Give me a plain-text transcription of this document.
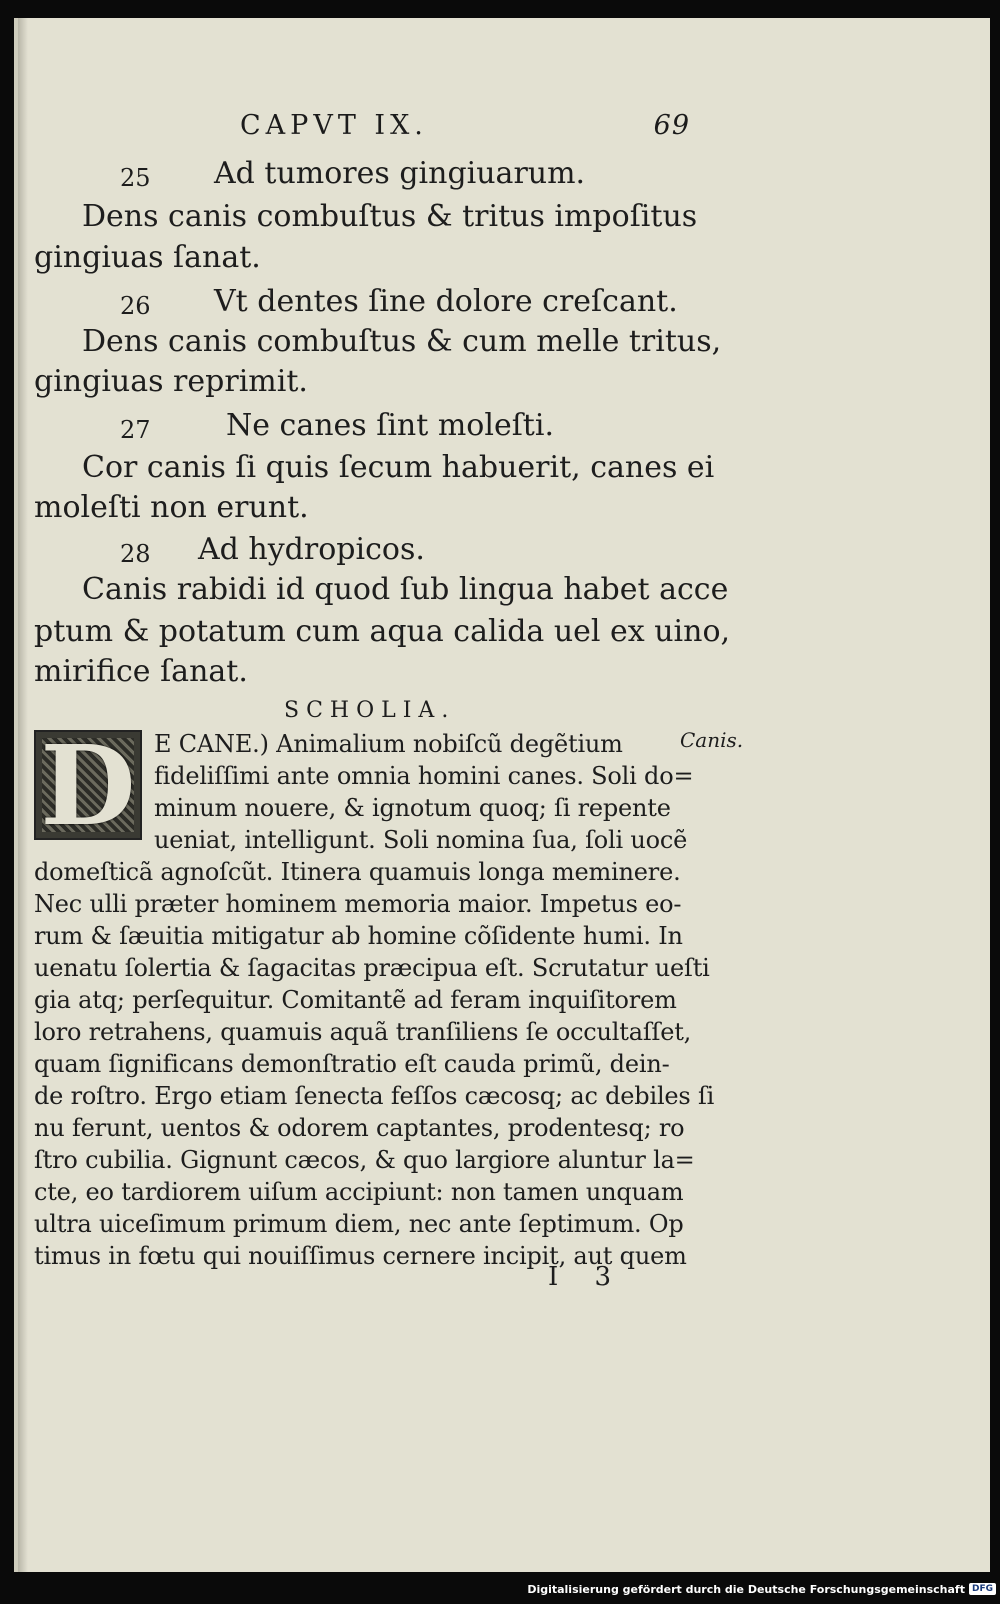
CAPVT IX.	69
25 Ad tumores gingiuarum.
Dens canis combuſtus & tritus impoſitus
gingiuas ſanat.
26 Vt dentes ſine dolore creſcant.
Dens canis combuſtus & cum melle tritus,
gingiuas reprimit.
27	Ne canes ſint moleſti.
Cor canis ſi quis ſecum habuerit, canes ei
moleſti non erunt.
28 Ad hydropicos.
Canis rabidi id quod ſub lingua habet acce
ptum & potatum cum aqua calida uel ex uino,
mirifice ſanat.
SCHOLIA.
E CANE.) Animalium nobiſcũ degẽtium
fideliſſimi ante omnia homini canes. Soli do=
minum nouere, & ignotum quoq; ſi repente
ueniat, intelligunt. Soli nomina ſua, ſoli uocẽ
domeſticã agnoſcũt. Itinera quamuis longa meminere.
Nec ulli præter hominem memoria maior. Impetus eo-
rum & ſæuitia mitigatur ab homine cõſidente humi. In
uenatu ſolertia & ſagacitas præcipua eſt. Scrutatur ueſti
gia atq; perſequitur. Comitantẽ ad feram inquiſitorem
loro retrahens, quamuis aquã tranſiliens ſe occultaſſet,
quam ſignificans demonſtratio eſt cauda primũ, dein-
de roſtro. Ergo etiam ſenecta feſſos cæcosq; ac debiles ſi
nu ferunt, uentos & odorem captantes, prodentesq; ro
ſtro cubilia. Gignunt cæcos, & quo largiore aluntur la=
cte, eo tardiorem uiſum accipiunt: non tamen unquam
ultra uiceſimum primum diem, nec ante ſeptimum. Op
timus in fœtu qui nouiſſimus cernere incipit, aut quem
D	Canis.
I 3
Digitalisierung gefördert durch die Deutsche Forschungsgemeinschaft DFG
